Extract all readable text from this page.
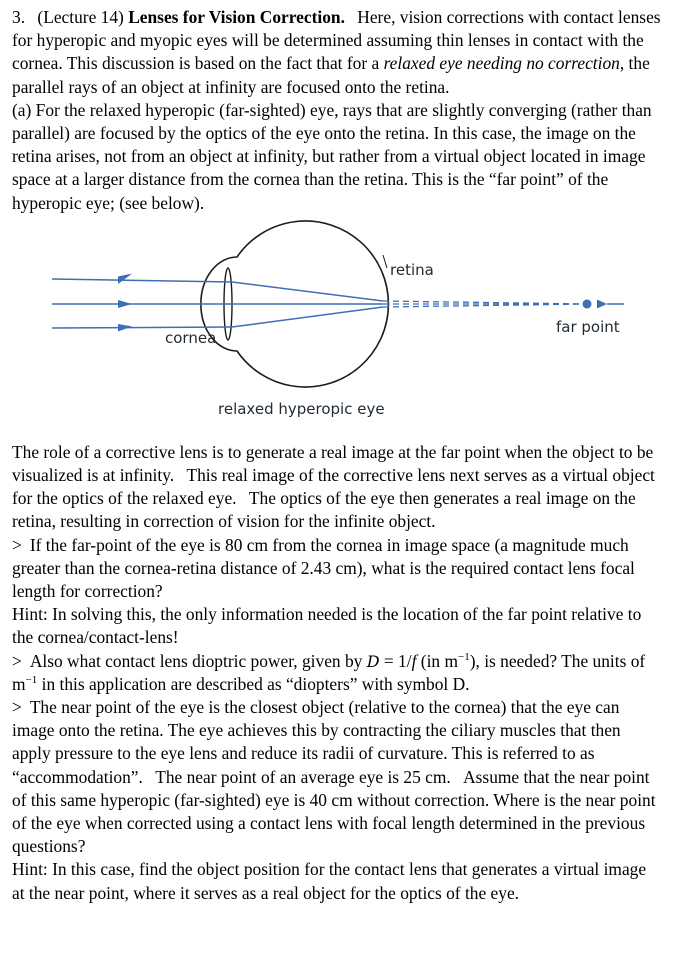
3. (Lecture 14) Lenses for Vision Correction. Here, vision corrections with contact lenses for hyperopic and myopic eyes will be determined assuming thin lenses in contact with the cornea. This discussion is based on the fact that for a relaxed eye needing no correction, the parallel rays of an object at infinity are focused onto the retina.

(a) For the relaxed hyperopic (far-sighted) eye, rays that are slightly converging (rather than parallel) are focused by the optics of the eye onto the retina. In this case, the image on the retina arises, not from an object at infinity, but rather from a virtual object located in image space at a larger distance from the cornea than the retina. This is the “far point” of the hyperopic eye; (see below).

retina
far point
cornea
relaxed hyperopic eye

The role of a corrective lens is to generate a real image at the far point when the object to be visualized is at infinity. This real image of the corrective lens next serves as a virtual object for the optics of the relaxed eye. The optics of the eye then generates a real image on the retina, resulting in correction of vision for the infinite object.

> If the far-point of the eye is 80 cm from the cornea in image space (a magnitude much greater than the cornea-retina distance of 2.43 cm), what is the required contact lens focal length for correction?

Hint: In solving this, the only information needed is the location of the far point relative to the cornea/contact-lens!

> Also what contact lens dioptric power, given by D = 1/f (in $m^{-1}$), is needed? The units of $m^{-1}$ in this application are described as “diopters” with symbol D.

> The near point of the eye is the closest object (relative to the cornea) that the eye can image onto the retina. The eye achieves this by contracting the ciliary muscles that then apply pressure to the eye lens and reduce its radii of curvature. This is referred to as “accommodation”. The near point of an average eye is 25 cm. Assume that the near point of this same hyperopic (far-sighted) eye is 40 cm without correction. Where is the near point of the eye when corrected using a contact lens with focal length determined in the previous questions?

Hint: In this case, find the object position for the contact lens that generates a virtual image at the near point, where it serves as a real object for the optics of the eye.
